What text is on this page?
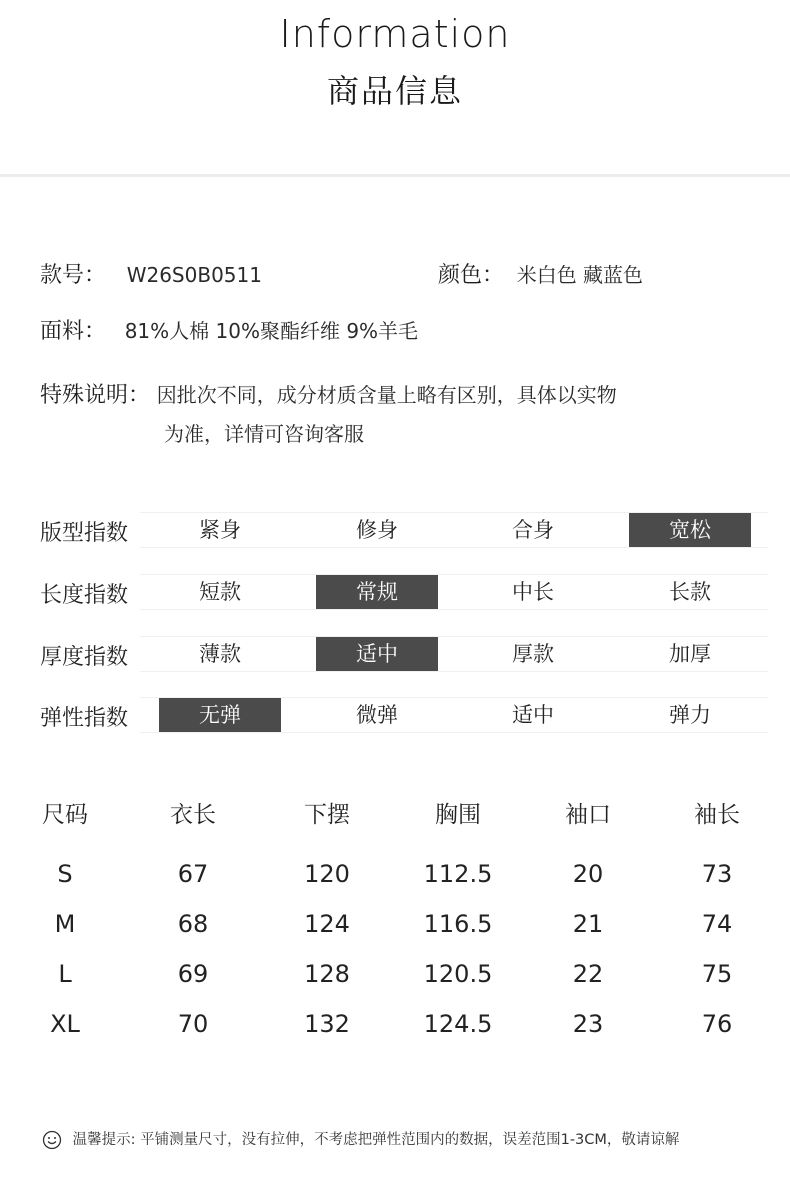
Information
商品信息
款号： W26S0B0511	颜色： 米白色 藏蓝色
面料： 81%人棉 10%聚酯纤维 9%羊毛
特殊说明： 因批次不同，成分材质含量上略有区别，具体以实物
为准，详情可咨询客服
版型指数	紧身	修身	合身	宽松
长度指数	短款	常规	中长	长款
厚度指数	薄款	适中	厚款	加厚
弹性指数	无弹	微弹	适中	弹力
尺码	衣长	下摆	胸围	袖口	袖长
S	67	120	112.5	20	73
M	68	124	116.5	21	74
L	69	128	120.5	22	75
XL	70	132	124.5	23	76
温馨提示: 平铺测量尺寸，没有拉伸，不考虑把弹性范围内的数据，误差范围1-3CM，敬请谅解
